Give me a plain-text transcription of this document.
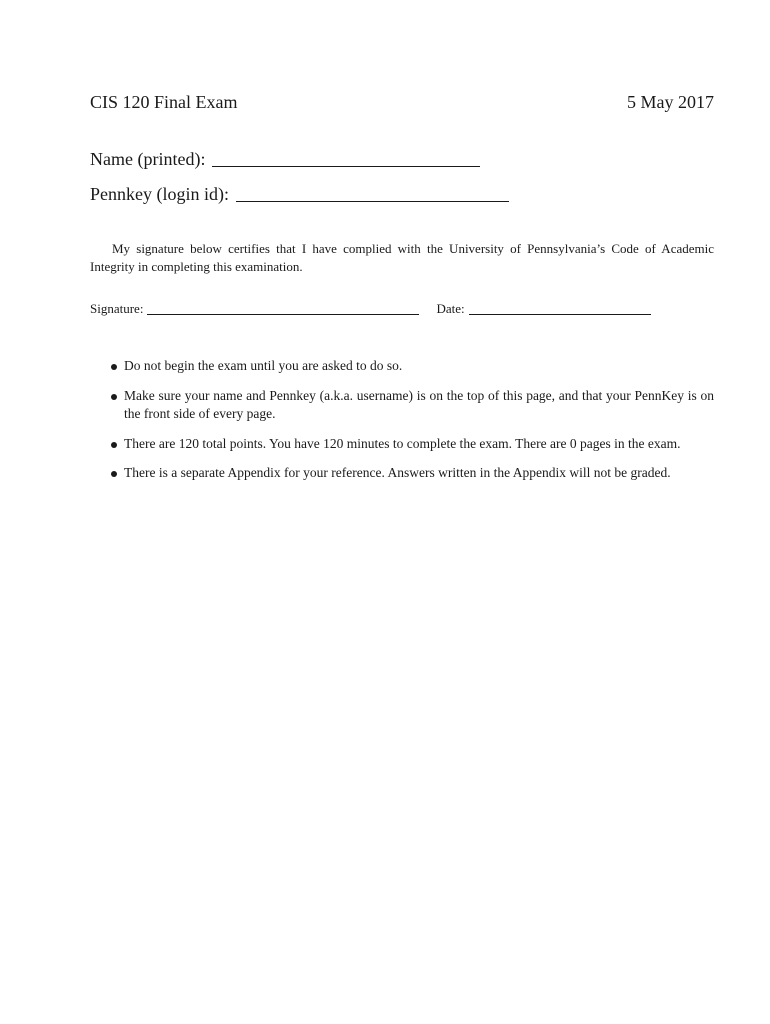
CIS 120 Final Exam	5 May 2017
Name (printed):
Pennkey (login id):

My signature below certifies that I have complied with the University of Pennsylvania’s Code of Academic Integrity in completing this examination.

Signature:	Date:
Do not begin the exam until you are asked to do so.
Make sure your name and Pennkey (a.k.a. username) is on the top of this page, and that your PennKey is on the front side of every page.
There are 120 total points. You have 120 minutes to complete the exam. There are 0 pages in the exam.
There is a separate Appendix for your reference. Answers written in the Appendix will not be graded.
